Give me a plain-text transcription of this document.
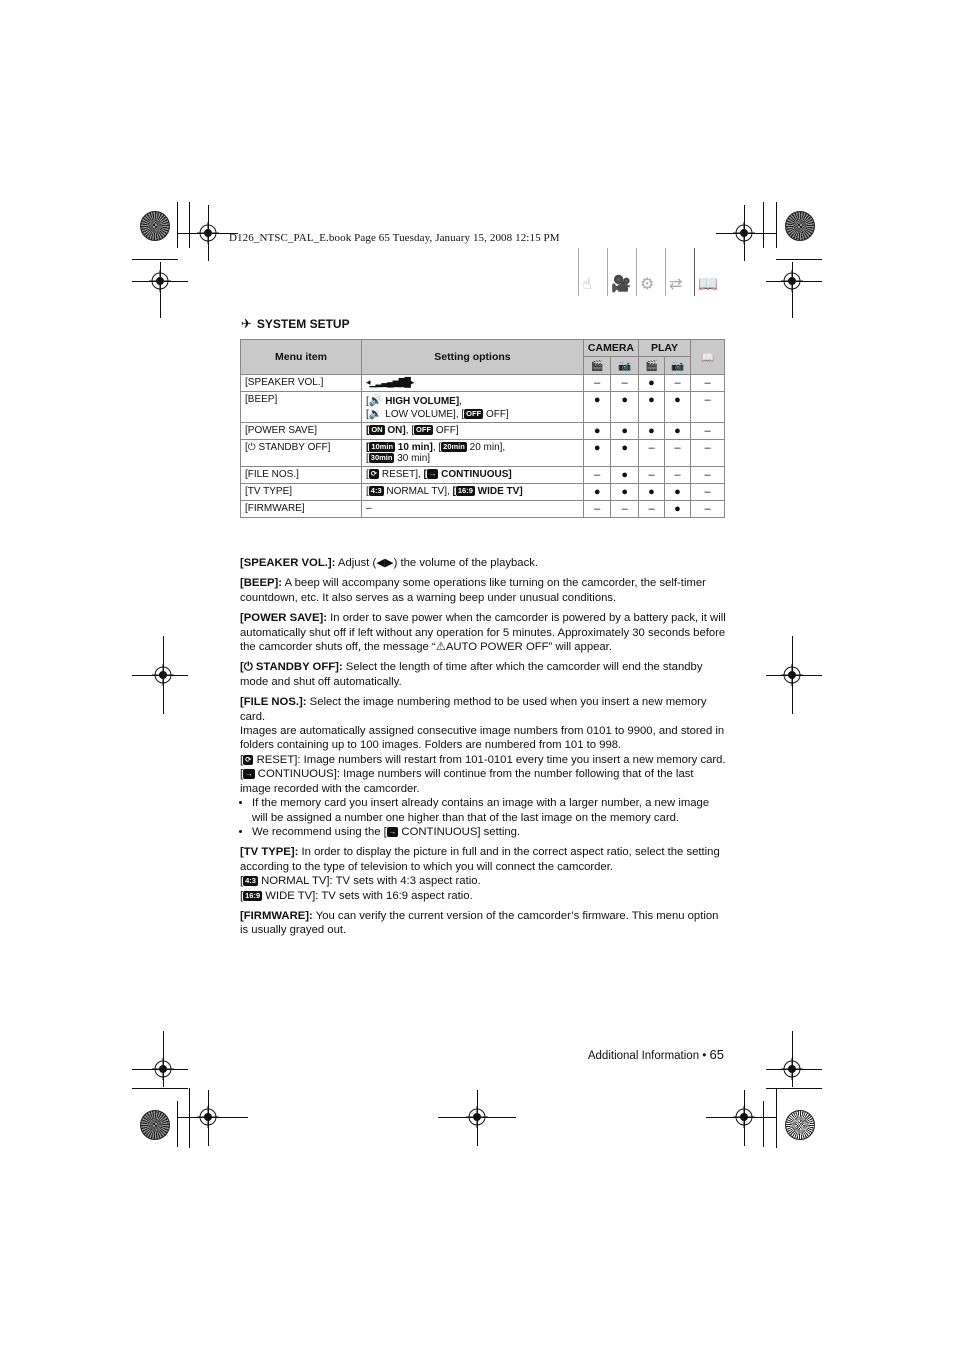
D126_NTSC_PAL_E.book Page 65 Tuesday, January 15, 2008 12:15 PM
☝ 🎥 ⚙ ⇄ 📖
✈ SYSTEM SETUP
Menu item	Setting options	CAMERA		PLAY		📖
		🎬	📷	🎬	📷	
[SPEAKER VOL.]	◂▁▂▃▄▅▇█▸	–	–	●	–	–
[BEEP]	[🔊 HIGH VOLUME],
[🔉 LOW VOLUME], [ OFF OFF]	●	●	●	●	–
[POWER SAVE]	[ ON ON], [ OFF OFF]	●	●	●	●	–
[⏻ STANDBY OFF]	[ 10min 10 min], [ 20min 20 min],
[ 30min 30 min]	●	●	–	–	–
[FILE NOS.]	[ ⟳ RESET], [ → CONTINUOUS]	–	●	–	–	–
[TV TYPE]	[ 4:3 NORMAL TV], [ 16:9 WIDE TV]	●	●	●	●	–
[FIRMWARE]	–	–	–	–	●	–

[SPEAKER VOL.]: Adjust (◀▶) the volume of the playback.

[BEEP]: A beep will accompany some operations like turning on the camcorder, the self-timer countdown, etc. It also serves as a warning beep under unusual conditions.

[POWER SAVE]: In order to save power when the camcorder is powered by a battery pack, it will automatically shut off if left without any operation for 5 minutes. Approximately 30 seconds before the camcorder shuts off, the message “⚠AUTO POWER OFF” will appear.

[⏻ STANDBY OFF]: Select the length of time after which the camcorder will end the standby mode and shut off automatically.

[FILE NOS.]: Select the image numbering method to be used when you insert a new memory card.

Images are automatically assigned consecutive image numbers from 0101 to 9900, and stored in folders containing up to 100 images. Folders are numbered from 101 to 998.

[ ⟳ RESET]: Image numbers will restart from 101-0101 every time you insert a new memory card.

[ → CONTINUOUS]: Image numbers will continue from the number following that of the last image recorded with the camcorder.

• If the memory card you insert already contains an image with a larger number, a new image will be assigned a number one higher than that of the last image on the memory card.
• We recommend using the [ → CONTINUOUS] setting.

[TV TYPE]: In order to display the picture in full and in the correct aspect ratio, select the setting according to the type of television to which you will connect the camcorder.

[ 4:3 NORMAL TV]: TV sets with 4:3 aspect ratio.

[ 16:9 WIDE TV]: TV sets with 16:9 aspect ratio.

[FIRMWARE]: You can verify the current version of the camcorder’s firmware. This menu option is usually grayed out.

Additional Information • 65
